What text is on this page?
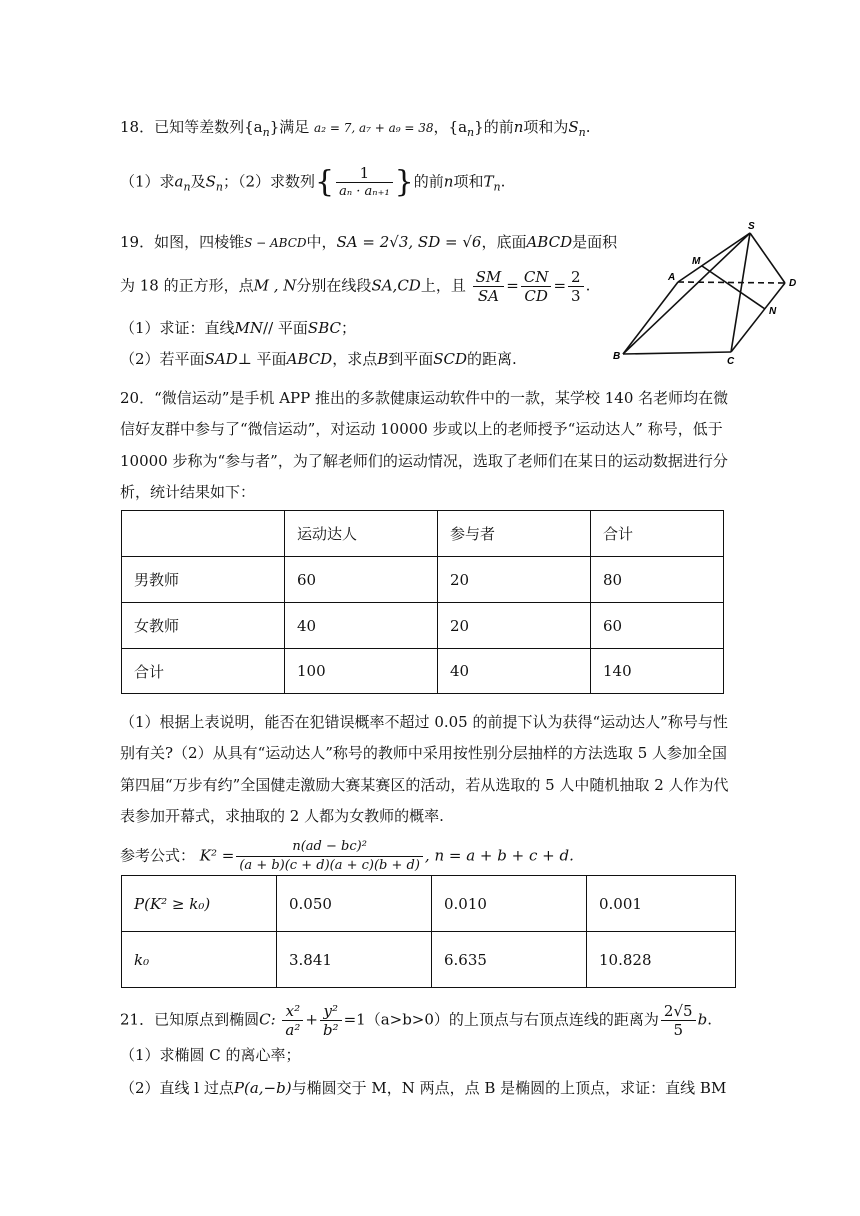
18．已知等差数列$\{a_n\}$满足 a₂ = 7, a₇ + a₉ = 38，$\{a_n\}$的前n项和为$S_n$.
（1）求$a_n$及$S_n$；（2）求数列{ $\frac{1}{\text{aₙ · aₙ₊₁}}$ }的前n项和$T_n$.
19．如图，四棱锥S − ABCD中，SA = 2√3, SD = √6，底面ABCD是面积
为 18 的正方形，点M , N分别在线段SA,CD上，且 $\frac{SM}{SA} = \frac{CN}{CD} = \frac{2}{3}$ .
（1）求证：直线MN// 平面SBC；
（2）若平面SAD⊥ 平面ABCD，求点B到平面SCD的距离.
S
M
A
D
N
B	C
20．“微信运动”是手机 APP 推出的多款健康运动软件中的一款，某学校 140 名老师均在微
信好友群中参与了“微信运动”，对运动 10000 步或以上的老师授予“运动达人” 称号，低于
10000 步称为“参与者”，为了解老师们的运动情况，选取了老师们在某日的运动数据进行分
析，统计结果如下：
	运动达人	参与者	合计
男教师	60	20	80
女教师	40	20	60
合计	100	40	140
（1）根据上表说明，能否在犯错误概率不超过 0.05 的前提下认为获得“运动达人”称号与性
别有关?（2）从具有“运动达人”称号的教师中采用按性别分层抽样的方法选取 5 人参加全国
第四届“万步有约”全国健走激励大赛某赛区的活动，若从选取的 5 人中随机抽取 2 人作为代
表参加开幕式，求抽取的 2 人都为女教师的概率.
参考公式： $K^2 = \frac{\text{n(ad − bc)²}}{(a + b)(c + d)(a + c)(b + d)}$ , n = a + b + c + d.
P(K² ≥ k₀)	0.050	0.010	0.001
k₀	3.841	6.635	10.828
21．已知原点到椭圆C: $\frac{\text{x²}}{\text{a²}} + \frac{\text{y²}}{\text{b²}} =1(a>b>0)$的上顶点与右顶点连线的距离为 $\frac{2√5}{5} b$.
（1）求椭圆 C 的离心率；
（2）直线 l 过点P(a,−b)与椭圆交于 M，N 两点，点 B 是椭圆的上顶点，求证：直线 BM
